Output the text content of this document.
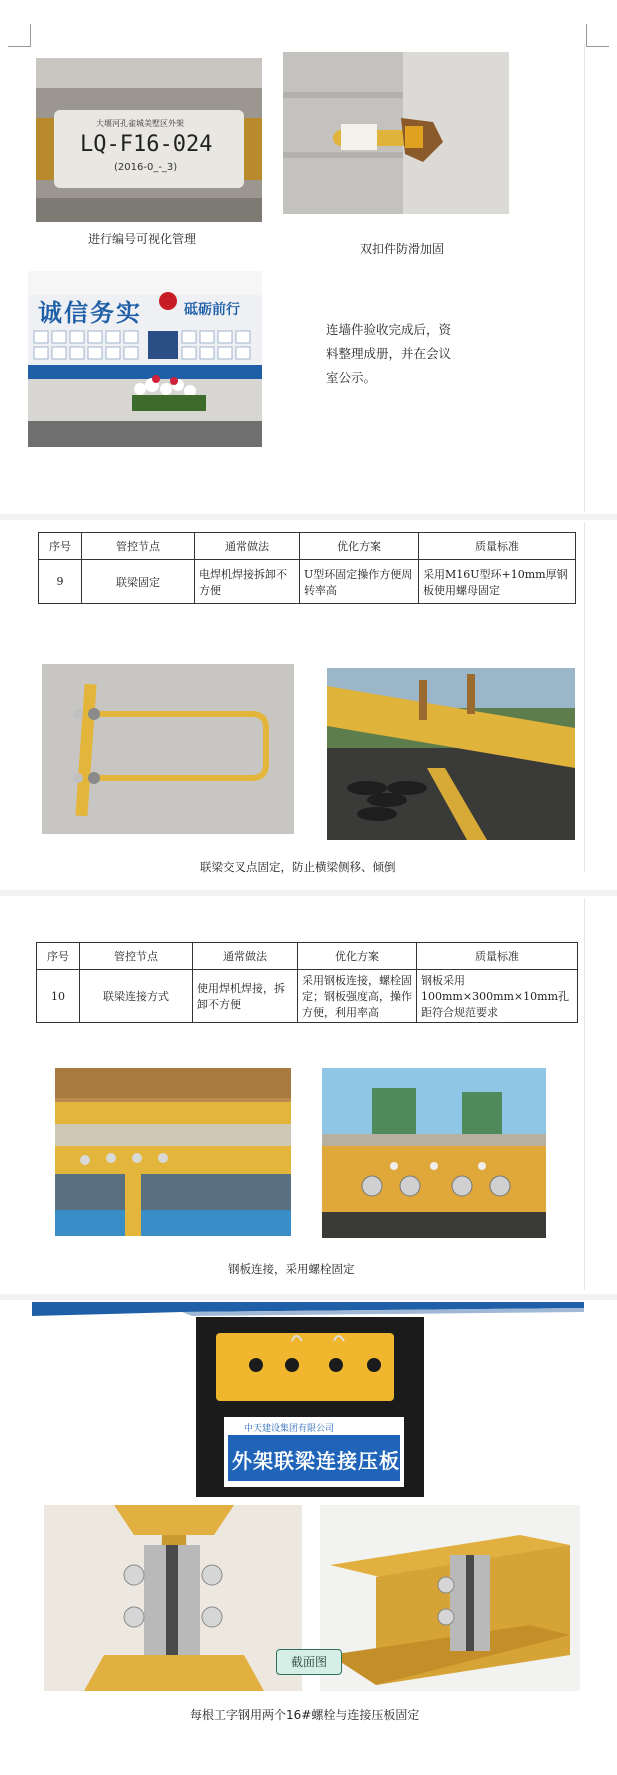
大堰河孔雀城美墅区外架
LQ-F16-024
(2016-0_-_3)
进行编号可视化管理
双扣件防滑加固
诚信务实	砥砺前行
连墙件验收完成后，资料整理成册，并在会议室公示。
序号	管控节点	通常做法	优化方案	质量标准
9	联梁固定	电焊机焊接拆卸不方便	U型环固定操作方便周转率高	采用M16U型环+10mm厚钢板使用螺母固定
联梁交叉点固定，防止横梁侧移、倾倒
序号	管控节点	通常做法	优化方案	质量标准
10	联梁连接方式	使用焊机焊接，拆卸不方便	采用钢板连接，螺栓固定；钢板强度高，操作方便，利用率高	钢板采用100mm×300mm×10mm孔距符合规范要求
钢板连接，采用螺栓固定
中天建设集团有限公司
外架联梁连接压板
截面图
每根工字钢用两个16#螺栓与连接压板固定
